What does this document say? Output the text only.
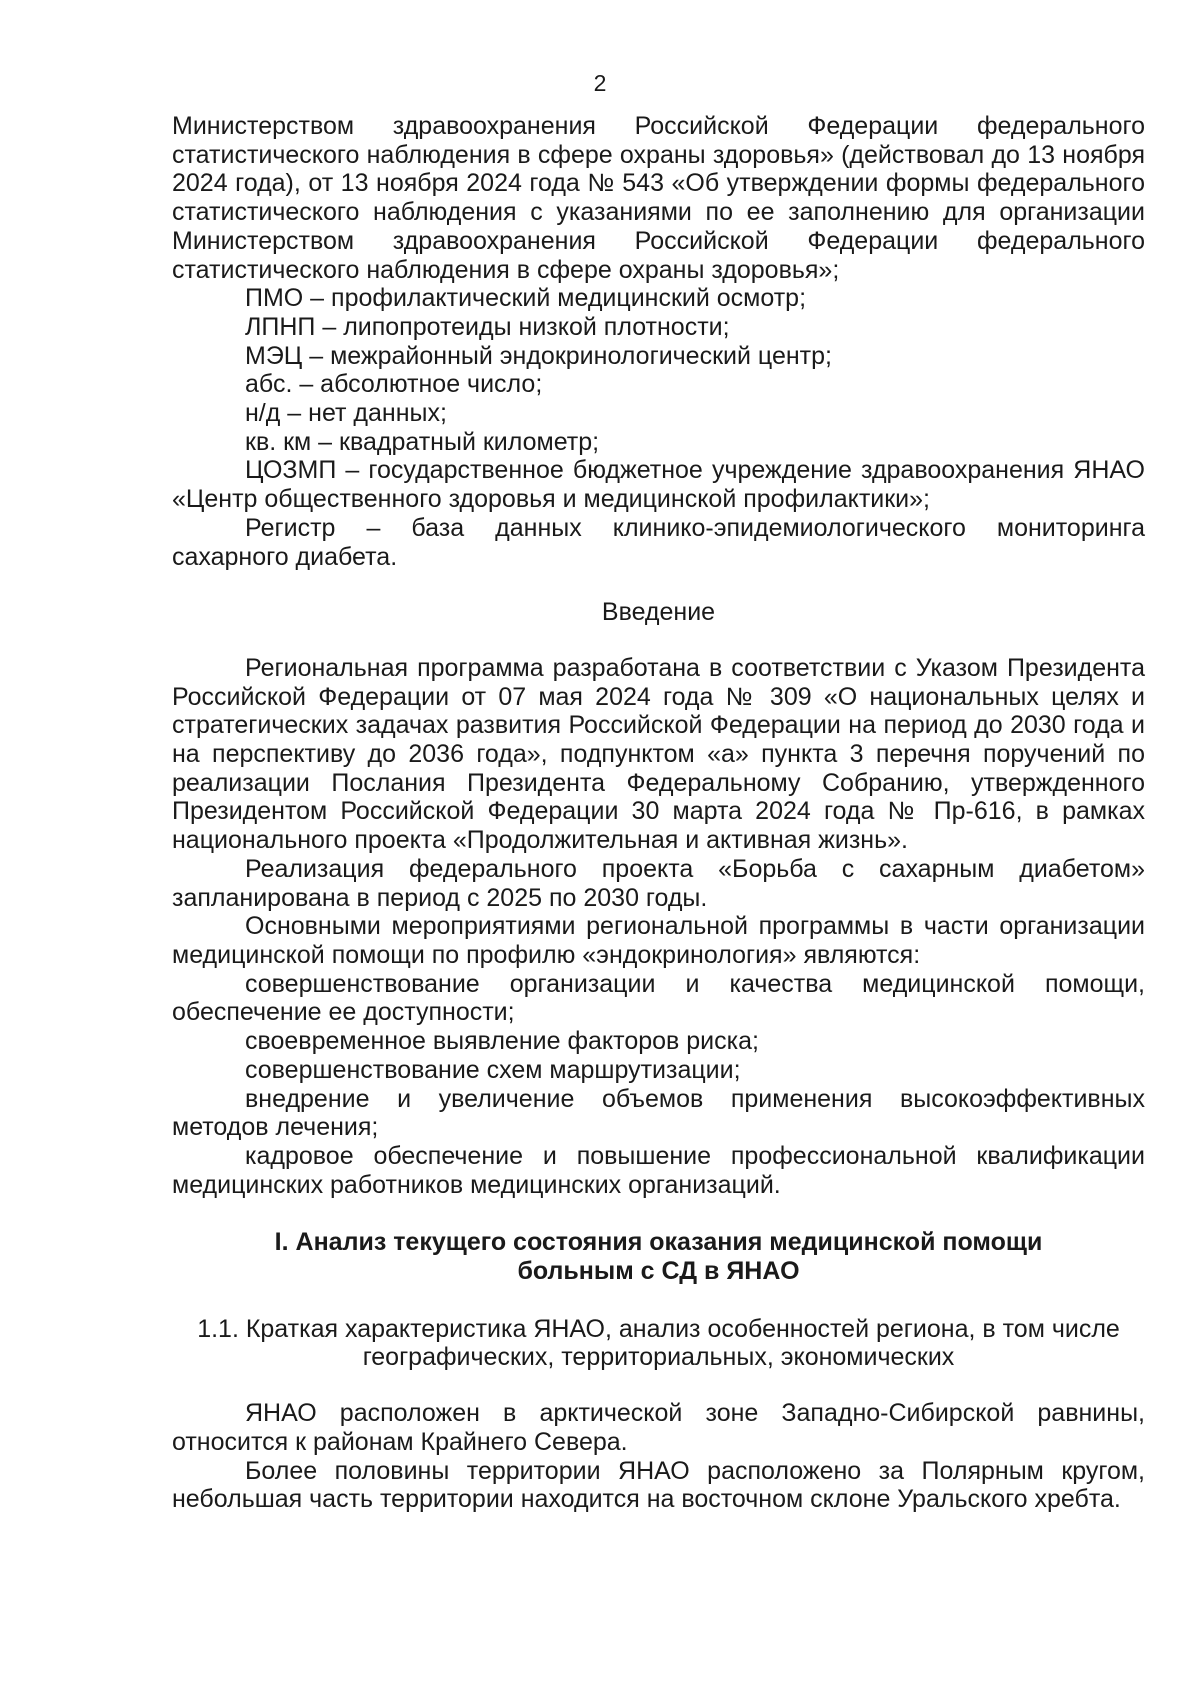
2

Министерством здравоохранения Российской Федерации федерального статистического наблюдения в сфере охраны здоровья» (действовал до 13 ноября 2024 года), от 13 ноября 2024 года № 543 «Об утверждении формы федерального статистического наблюдения с указаниями по ее заполнению для организации Министерством здравоохранения Российской Федерации федерального статистического наблюдения в сфере охраны здоровья»;

ПМО – профилактический медицинский осмотр;

ЛПНП – липопротеиды низкой плотности;

МЭЦ – межрайонный эндокринологический центр;

абс. – абсолютное число;

н/д – нет данных;

кв. км – квадратный километр;

ЦОЗМП – государственное бюджетное учреждение здравоохранения ЯНАО «Центр общественного здоровья и медицинской профилактики»;

Регистр – база данных клинико-эпидемиологического мониторинга сахарного диабета.

Введение

Региональная программа разработана в соответствии с Указом Президента Российской Федерации от 07 мая 2024 года № 309 «О национальных целях и стратегических задачах развития Российской Федерации на период до 2030 года и на перспективу до 2036 года», подпунктом «а» пункта 3 перечня поручений по реализации Послания Президента Федеральному Собранию, утвержденного Президентом Российской Федерации 30 марта 2024 года № Пр-616, в рамках национального проекта «Продолжительная и активная жизнь».

Реализация федерального проекта «Борьба с сахарным диабетом» запланирована в период с 2025 по 2030 годы.

Основными мероприятиями региональной программы в части организации медицинской помощи по профилю «эндокринология» являются:

совершенствование организации и качества медицинской помощи, обеспечение ее доступности;

своевременное выявление факторов риска;

совершенствование схем маршрутизации;

внедрение и увеличение объемов применения высокоэффективных методов лечения;

кадровое обеспечение и повышение профессиональной квалификации медицинских работников медицинских организаций.

I. Анализ текущего состояния оказания медицинской помощи
больным с СД в ЯНАО

1.1. Краткая характеристика ЯНАО, анализ особенностей региона, в том числе
географических, территориальных, экономических

ЯНАО расположен в арктической зоне Западно-Сибирской равнины, относится к районам Крайнего Севера.

Более половины территории ЯНАО расположено за Полярным кругом, небольшая часть территории находится на восточном склоне Уральского хребта.
